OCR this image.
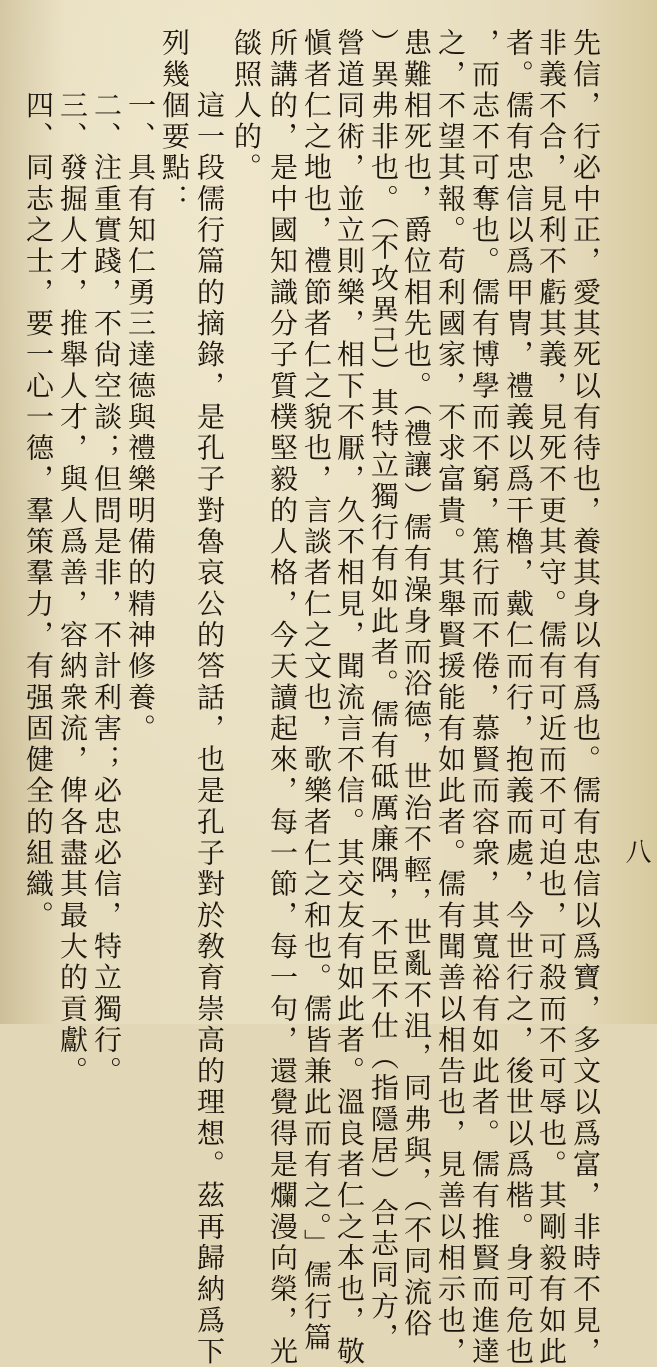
八
先信，行必中正，愛其死以有待也，養其身以有爲也。儒有忠信以爲寶，多文以爲富，非時不見，
非義不合，見利不虧其義，見死不更其守。儒有可近而不可迫也，可殺而不可辱也。其剛毅有如此
者。儒有忠信以爲甲冑，禮義以爲干櫓，戴仁而行，抱義而處，今世行之，後世以爲楷。身可危也
，而志不可奪也。儒有博學而不窮，篤行而不倦，慕賢而容衆，其寬裕有如此者。儒有推賢而進達
之，不望其報。苟利國家，不求富貴。其舉賢援能有如此者。儒有聞善以相告也，見善以相示也，
患難相死也，爵位相先也。（禮讓）儒有澡身而浴德，世治不輕，世亂不沮，同弗與，（不同流俗
）異弗非也。（不攻異己）其特立獨行有如此者。儒有砥厲廉隅，不臣不仕（指隱居）合志同方，
營道同術，並立則樂，相下不厭，久不相見，聞流言不信。其交友有如此者。溫良者仁之本也，敬
愼者仁之地也，禮節者仁之貌也，言談者仁之文也，歌樂者仁之和也。儒皆兼此而有之。」儒行篇
所講的，是中國知識分子質樸堅毅的人格，今天讀起來，每一節，每一句，還覺得是爛漫向榮，光
燄照人的。
　　這一段儒行篇的摘錄，是孔子對魯哀公的答話，也是孔子對於敎育崇高的理想。茲再歸納爲下
列幾個要點：
　　一、具有知仁勇三達德與禮樂明備的精神修養。
　　二、注重實踐，不尙空談；但問是非，不計利害；必忠必信，特立獨行。
　　三、發掘人才，推舉人才，與人爲善，容納衆流，俾各盡其最大的貢獻。
　　四、同志之士，要一心一德，羣策羣力，有强固健全的組織。
